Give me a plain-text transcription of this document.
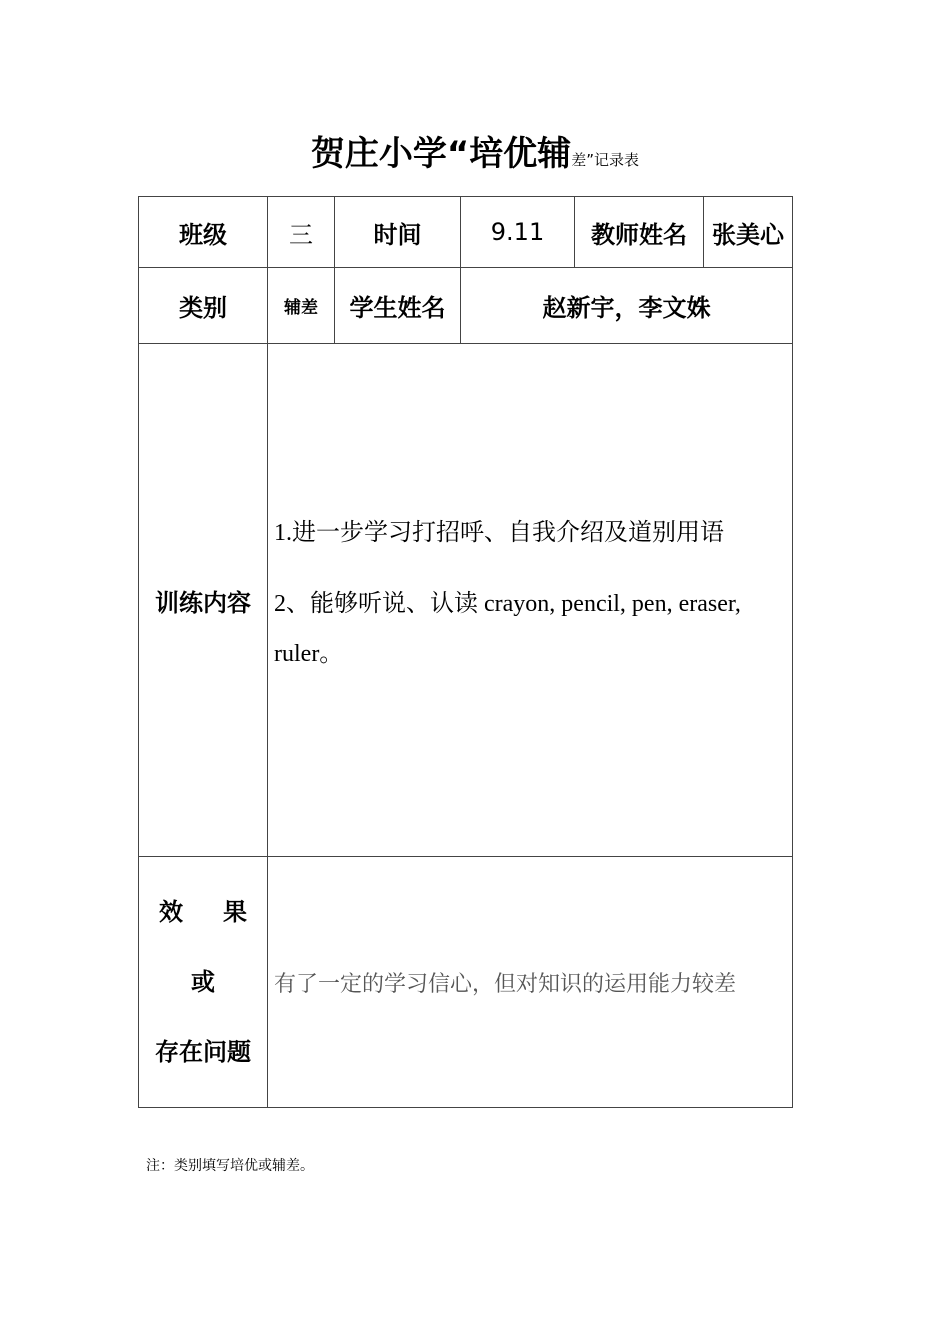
贺庄小学“培优辅差”记录表
班级	三	时间	9.11	教师姓名	张美心
类别	辅差	学生姓名	赵新宇，李文姝		
训练内容	1.进一步学习打招呼、自我介绍及道别用语

2、能够听说、认读 crayon, pencil, pen, eraser, ruler。				

效 果
或
存在问题	有了一定的学习信心，但对知识的运用能力较差				
注：类别填写培优或辅差。
